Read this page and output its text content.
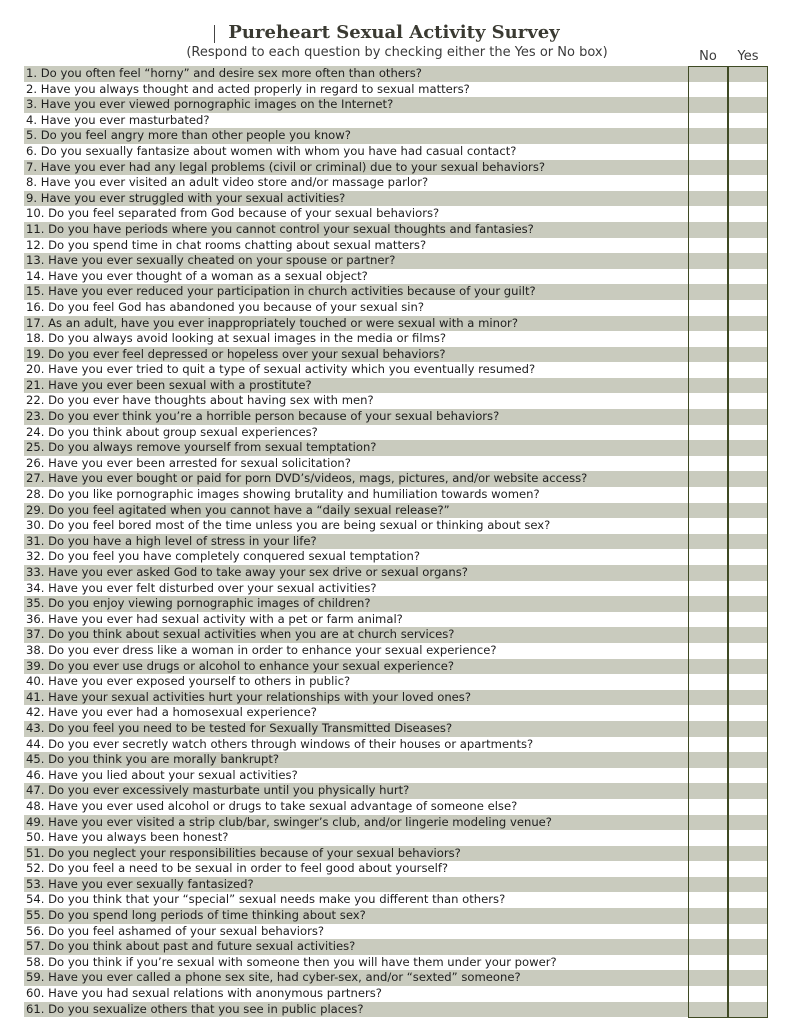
Pureheart Sexual Activity Survey
(Respond to each question by checking either the Yes or No box)	No	Yes
1. Do you often feel “horny” and desire sex more often than others?
2. Have you always thought and acted properly in regard to sexual matters?
3. Have you ever viewed pornographic images on the Internet?
4. Have you ever masturbated?
5. Do you feel angry more than other people you know?
6. Do you sexually fantasize about women with whom you have had casual contact?
7. Have you ever had any legal problems (civil or criminal) due to your sexual behaviors?
8. Have you ever visited an adult video store and/or massage parlor?
9. Have you ever struggled with your sexual activities?
10. Do you feel separated from God because of your sexual behaviors?
11. Do you have periods where you cannot control your sexual thoughts and fantasies?
12. Do you spend time in chat rooms chatting about sexual matters?
13. Have you ever sexually cheated on your spouse or partner?
14. Have you ever thought of a woman as a sexual object?
15. Have you ever reduced your participation in church activities because of your guilt?
16. Do you feel God has abandoned you because of your sexual sin?
17. As an adult, have you ever inappropriately touched or were sexual with a minor?
18. Do you always avoid looking at sexual images in the media or films?
19. Do you ever feel depressed or hopeless over your sexual behaviors?
20. Have you ever tried to quit a type of sexual activity which you eventually resumed?
21. Have you ever been sexual with a prostitute?
22. Do you ever have thoughts about having sex with men?
23. Do you ever think you’re a horrible person because of your sexual behaviors?
24. Do you think about group sexual experiences?
25. Do you always remove yourself from sexual temptation?
26. Have you ever been arrested for sexual solicitation?
27. Have you ever bought or paid for porn DVD’s/videos, mags, pictures, and/or website access?
28. Do you like pornographic images showing brutality and humiliation towards women?
29. Do you feel agitated when you cannot have a “daily sexual release?”
30. Do you feel bored most of the time unless you are being sexual or thinking about sex?
31. Do you have a high level of stress in your life?
32. Do you feel you have completely conquered sexual temptation?
33. Have you ever asked God to take away your sex drive or sexual organs?
34. Have you ever felt disturbed over your sexual activities?
35. Do you enjoy viewing pornographic images of children?
36. Have you ever had sexual activity with a pet or farm animal?
37. Do you think about sexual activities when you are at church services?
38. Do you ever dress like a woman in order to enhance your sexual experience?
39. Do you ever use drugs or alcohol to enhance your sexual experience?
40. Have you ever exposed yourself to others in public?
41. Have your sexual activities hurt your relationships with your loved ones?
42. Have you ever had a homosexual experience?
43. Do you feel you need to be tested for Sexually Transmitted Diseases?
44. Do you ever secretly watch others through windows of their houses or apartments?
45. Do you think you are morally bankrupt?
46. Have you lied about your sexual activities?
47. Do you ever excessively masturbate until you physically hurt?
48. Have you ever used alcohol or drugs to take sexual advantage of someone else?
49. Have you ever visited a strip club/bar, swinger’s club, and/or lingerie modeling venue?
50. Have you always been honest?
51. Do you neglect your responsibilities because of your sexual behaviors?
52. Do you feel a need to be sexual in order to feel good about yourself?
53. Have you ever sexually fantasized?
54. Do you think that your “special” sexual needs make you different than others?
55. Do you spend long periods of time thinking about sex?
56. Do you feel ashamed of your sexual behaviors?
57. Do you think about past and future sexual activities?
58. Do you think if you’re sexual with someone then you will have them under your power?
59. Have you ever called a phone sex site, had cyber-sex, and/or “sexted” someone?
60. Have you had sexual relations with anonymous partners?
61. Do you sexualize others that you see in public places?
